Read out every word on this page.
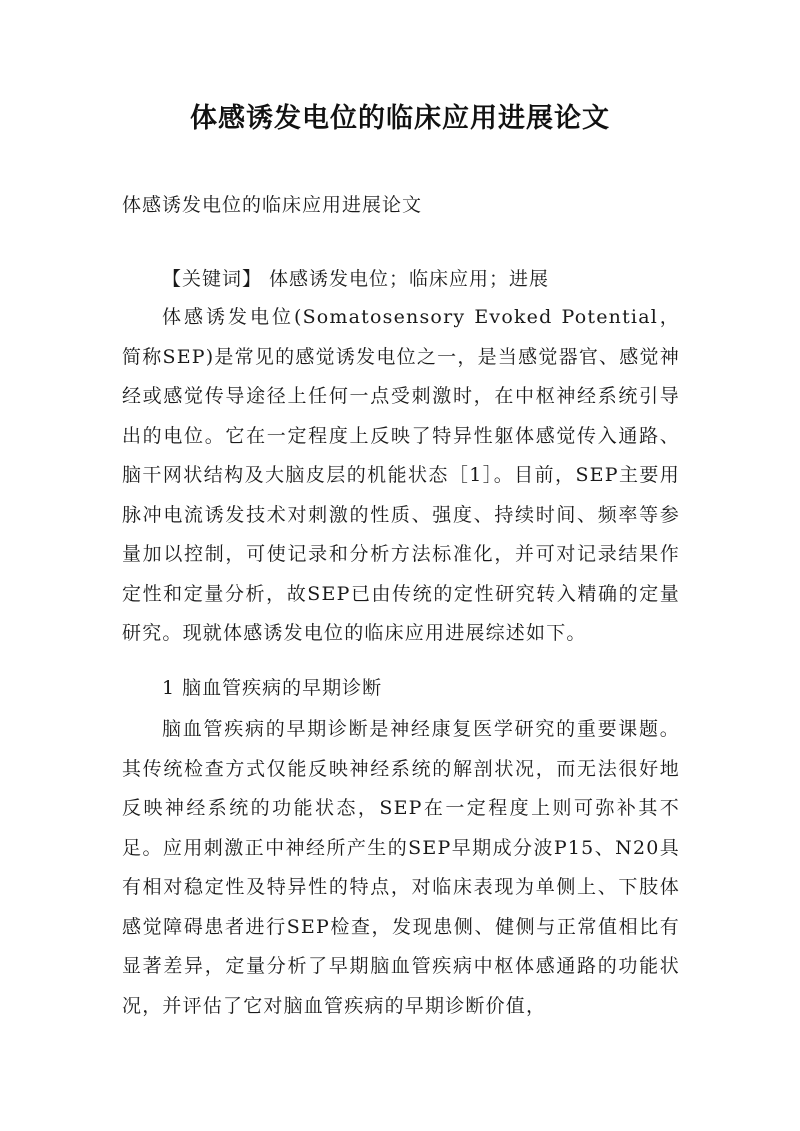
体感诱发电位的临床应用进展论文
体感诱发电位的临床应用进展论文
【关键词】 体感诱发电位；临床应用；进展
体感诱发电位(Somatosensory Evoked Potential，简称SEP)是常见的感觉诱发电位之一，是当感觉器官、感觉神经或感觉传导途径上任何一点受刺激时，在中枢神经系统引导出的电位。它在一定程度上反映了特异性躯体感觉传入通路、脑干网状结构及大脑皮层的机能状态［1］。目前，SEP主要用脉冲电流诱发技术对刺激的性质、强度、持续时间、频率等参量加以控制，可使记录和分析方法标准化，并可对记录结果作定性和定量分析，故SEP已由传统的定性研究转入精确的定量研究。现就体感诱发电位的临床应用进展综述如下。
1 脑血管疾病的早期诊断
脑血管疾病的早期诊断是神经康复医学研究的重要课题。其传统检查方式仅能反映神经系统的解剖状况，而无法很好地反映神经系统的功能状态，SEP在一定程度上则可弥补其不足。应用刺激正中神经所产生的SEP早期成分波P15、N20具有相对稳定性及特异性的特点，对临床表现为单侧上、下肢体感觉障碍患者进行SEP检查，发现患侧、健侧与正常值相比有显著差异，定量分析了早期脑血管疾病中枢体感通路的功能状况，并评估了它对脑血管疾病的早期诊断价值，
